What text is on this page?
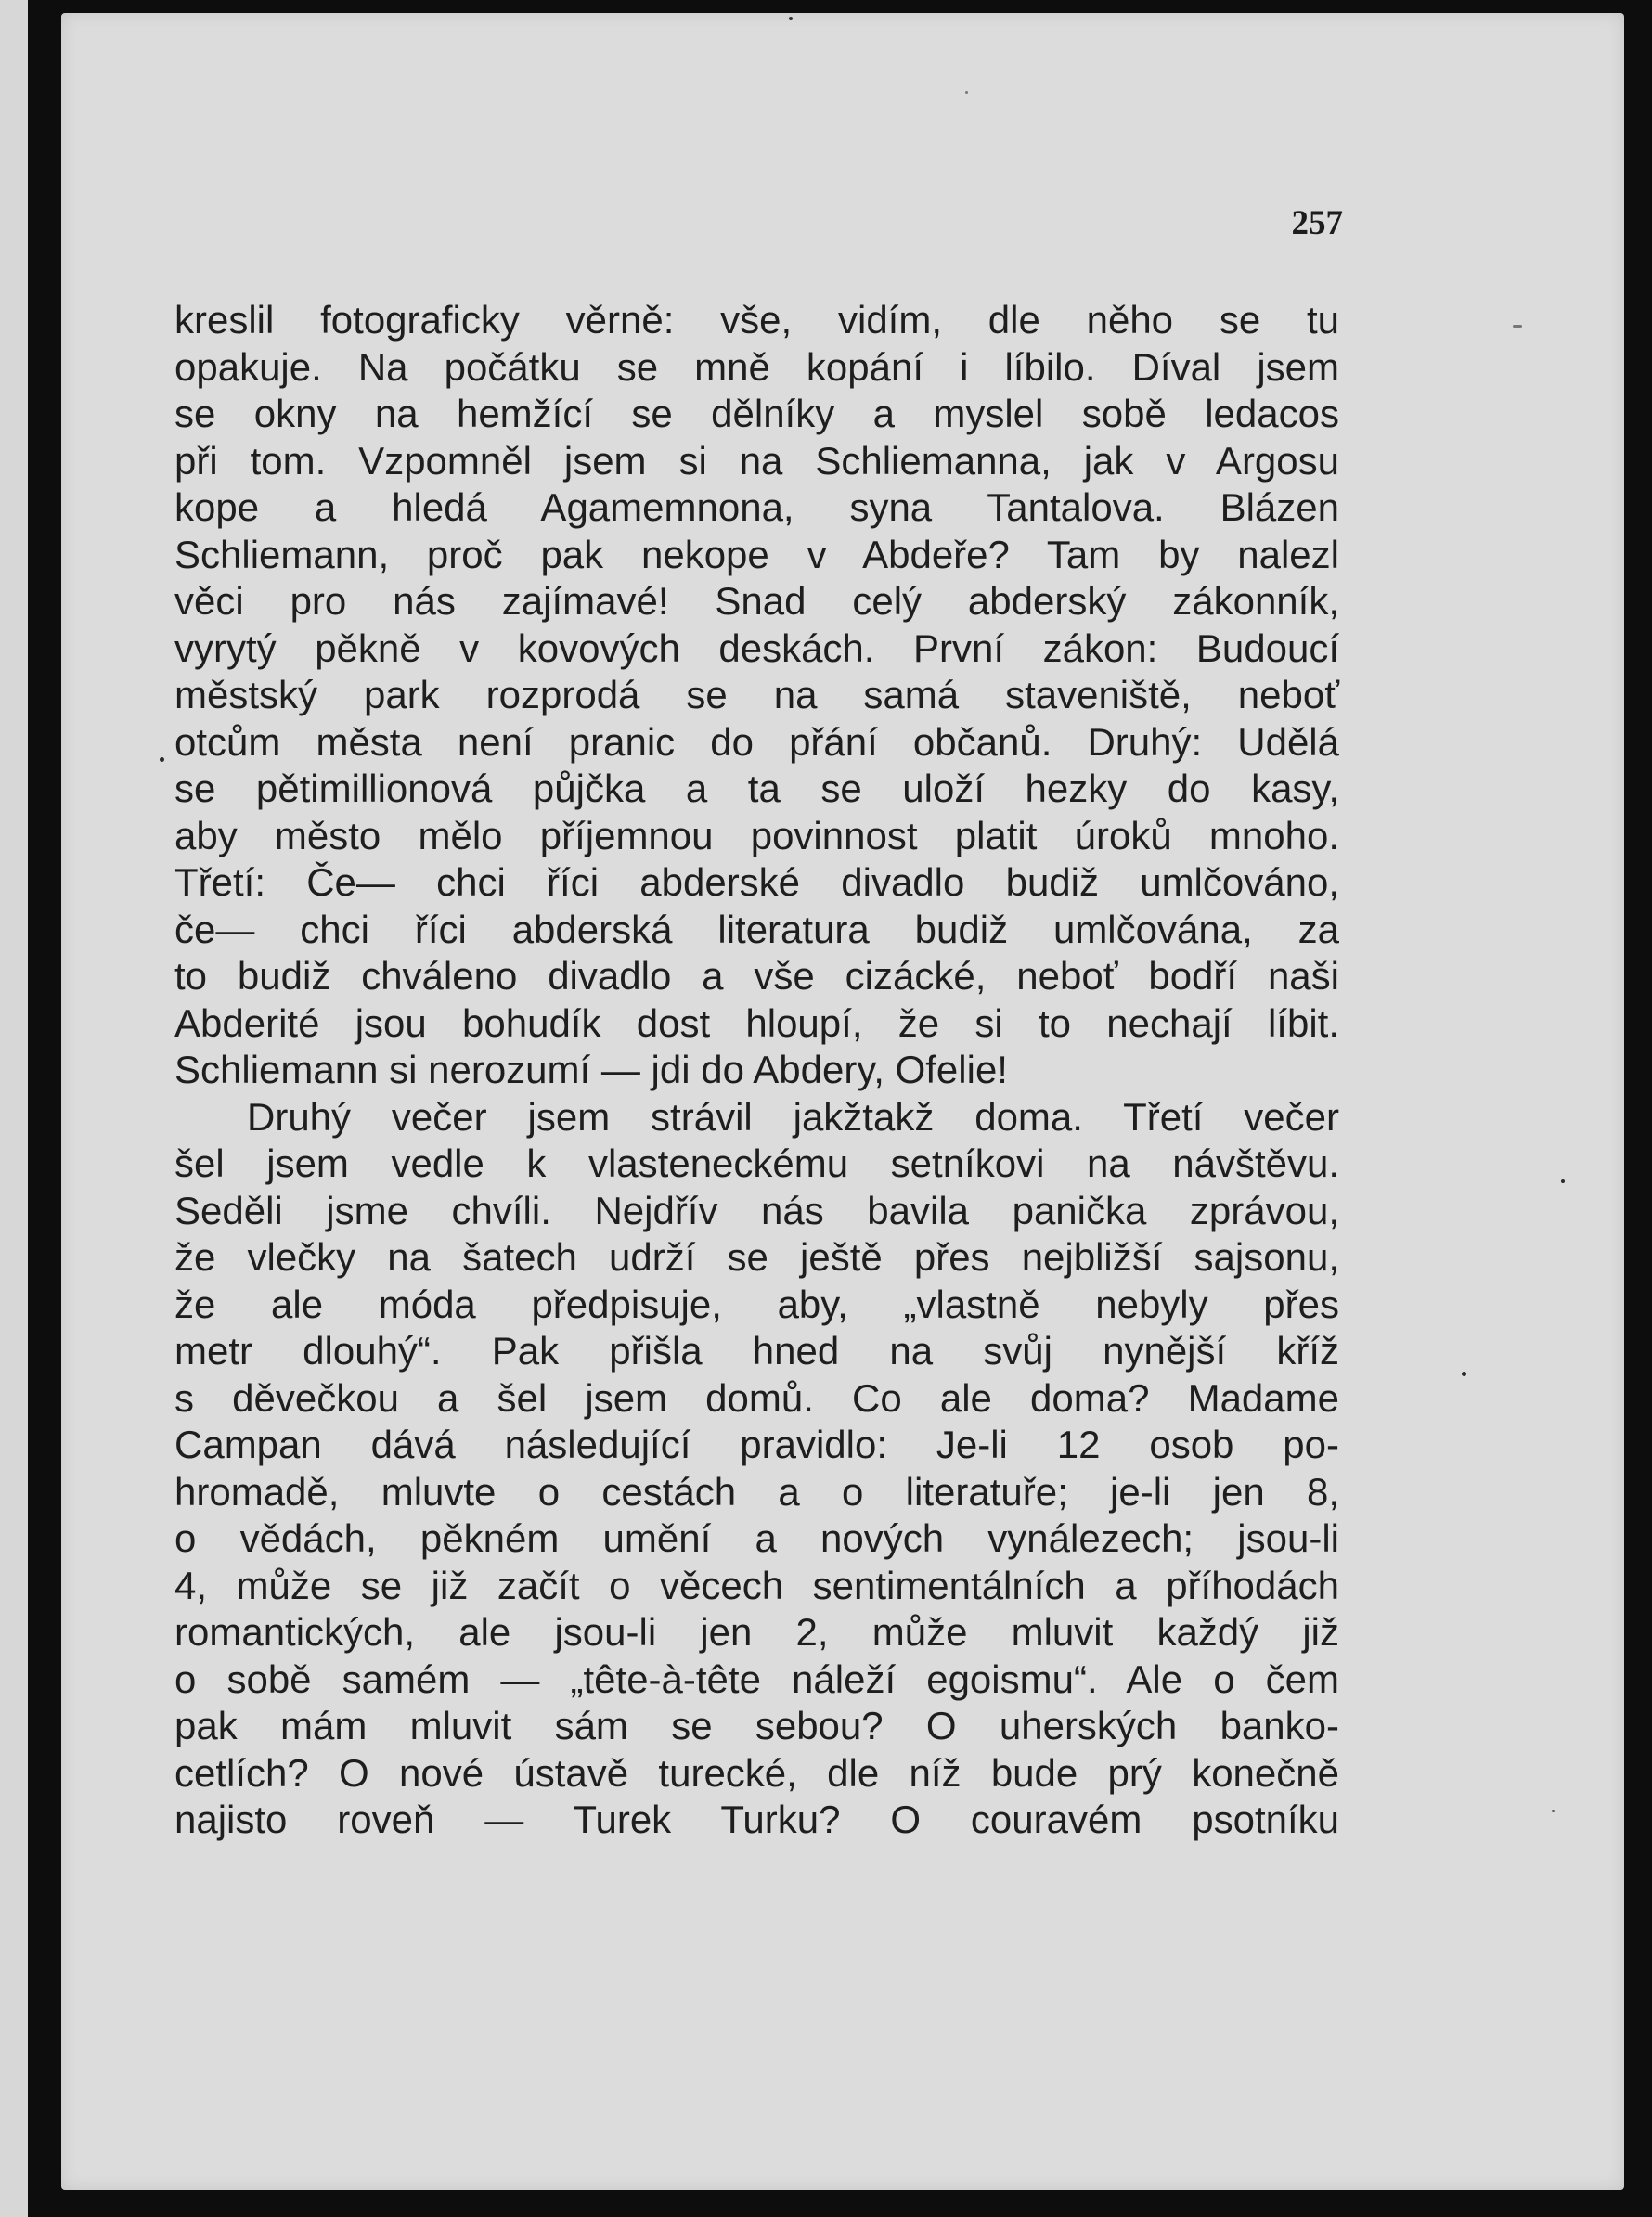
257
kreslil fotograficky věrně: vše, vidím, dle něho se tu
opakuje. Na počátku se mně kopání i líbilo. Díval jsem
se okny na hemžící se dělníky a myslel sobě ledacos
při tom. Vzpomněl jsem si na Schliemanna, jak v Argosu
kope a hledá Agamemnona, syna Tantalova. Blázen
Schliemann, proč pak nekope v Abdeře? Tam by nalezl
věci pro nás zajímavé! Snad celý abderský zákonník,
vyrytý pěkně v kovových deskách. První zákon: Budoucí
městský park rozprodá se na samá staveniště, neboť
otcům města není pranic do přání občanů. Druhý: Udělá
se pětimillionová půjčka a ta se uloží hezky do kasy,
aby město mělo příjemnou povinnost platit úroků mnoho.
Třetí: Če— chci říci abderské divadlo budiž umlčováno,
če— chci říci abderská literatura budiž umlčována, za
to budiž chváleno divadlo a vše cizácké, neboť bodří naši
Abderité jsou bohudík dost hloupí, že si to nechají líbit.
Schliemann si nerozumí — jdi do Abdery, Ofelie!
Druhý večer jsem strávil jakžtakž doma. Třetí večer
šel jsem vedle k vlasteneckému setníkovi na návštěvu.
Seděli jsme chvíli. Nejdřív nás bavila panička zprávou,
že vlečky na šatech udrží se ještě přes nejbližší sajsonu,
že ale móda předpisuje, aby, „vlastně nebyly přes
metr dlouhý“. Pak přišla hned na svůj nynější kříž
s děvečkou a šel jsem domů. Co ale doma? Madame
Campan dává následující pravidlo: Je-li 12 osob po-
hromadě, mluvte o cestách a o literatuře; je-li jen 8,
o vědách, pěkném umění a nových vynálezech; jsou-li
4, může se již začít o věcech sentimentálních a příhodách
romantických, ale jsou-li jen 2, může mluvit každý již
o sobě samém — „tête-à-tête náleží egoismu“. Ale o čem
pak mám mluvit sám se sebou? O uherských banko-
cetlích? O nové ústavě turecké, dle níž bude prý konečně
najisto roveň — Turek Turku? O couravém psotníku
